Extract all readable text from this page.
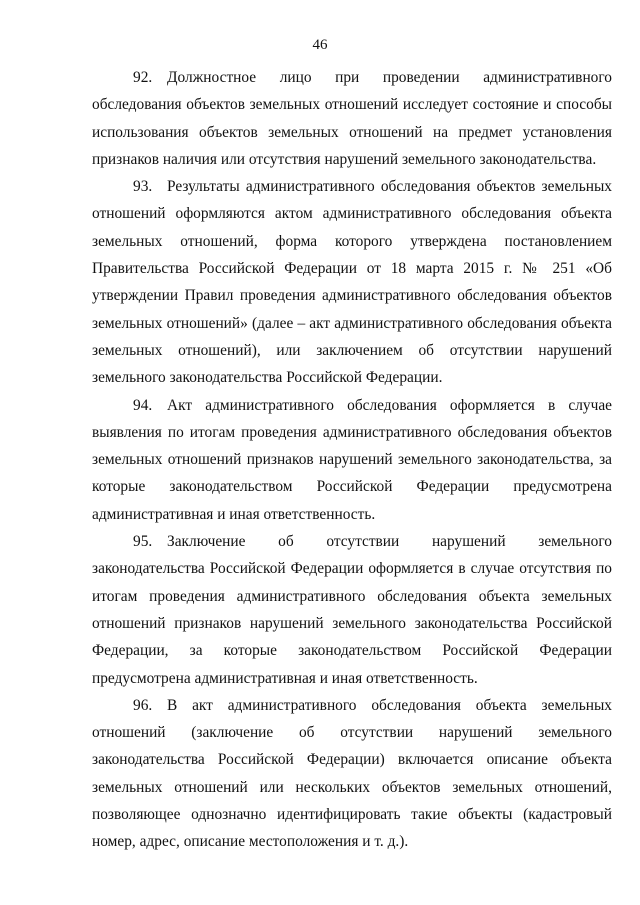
46

92. Должностное лицо при проведении административного обследования объектов земельных отношений исследует состояние и способы использования объектов земельных отношений на предмет установления признаков наличия или отсутствия нарушений земельного законодательства.

93. Результаты административного обследования объектов земельных отношений оформляются актом административного обследования объекта земельных отношений, форма которого утверждена постановлением Правительства Российской Федерации от 18 марта 2015 г. № 251 «Об утверждении Правил проведения административного обследования объектов земельных отношений» (далее – акт административного обследования объекта земельных отношений), или заключением об отсутствии нарушений земельного законодательства Российской Федерации.

94. Акт административного обследования оформляется в случае выявления по итогам проведения административного обследования объектов земельных отношений признаков нарушений земельного законодательства, за которые законодательством Российской Федерации предусмотрена административная и иная ответственность.

95. Заключение об отсутствии нарушений земельного законодательства Российской Федерации оформляется в случае отсутствия по итогам проведения административного обследования объекта земельных отношений признаков нарушений земельного законодательства Российской Федерации, за которые законодательством Российской Федерации предусмотрена административная и иная ответственность.

96. В акт административного обследования объекта земельных отношений (заключение об отсутствии нарушений земельного законодательства Российской Федерации) включается описание объекта земельных отношений или нескольких объектов земельных отношений, позволяющее однозначно идентифицировать такие объекты (кадастровый номер, адрес, описание местоположения и т. д.).
